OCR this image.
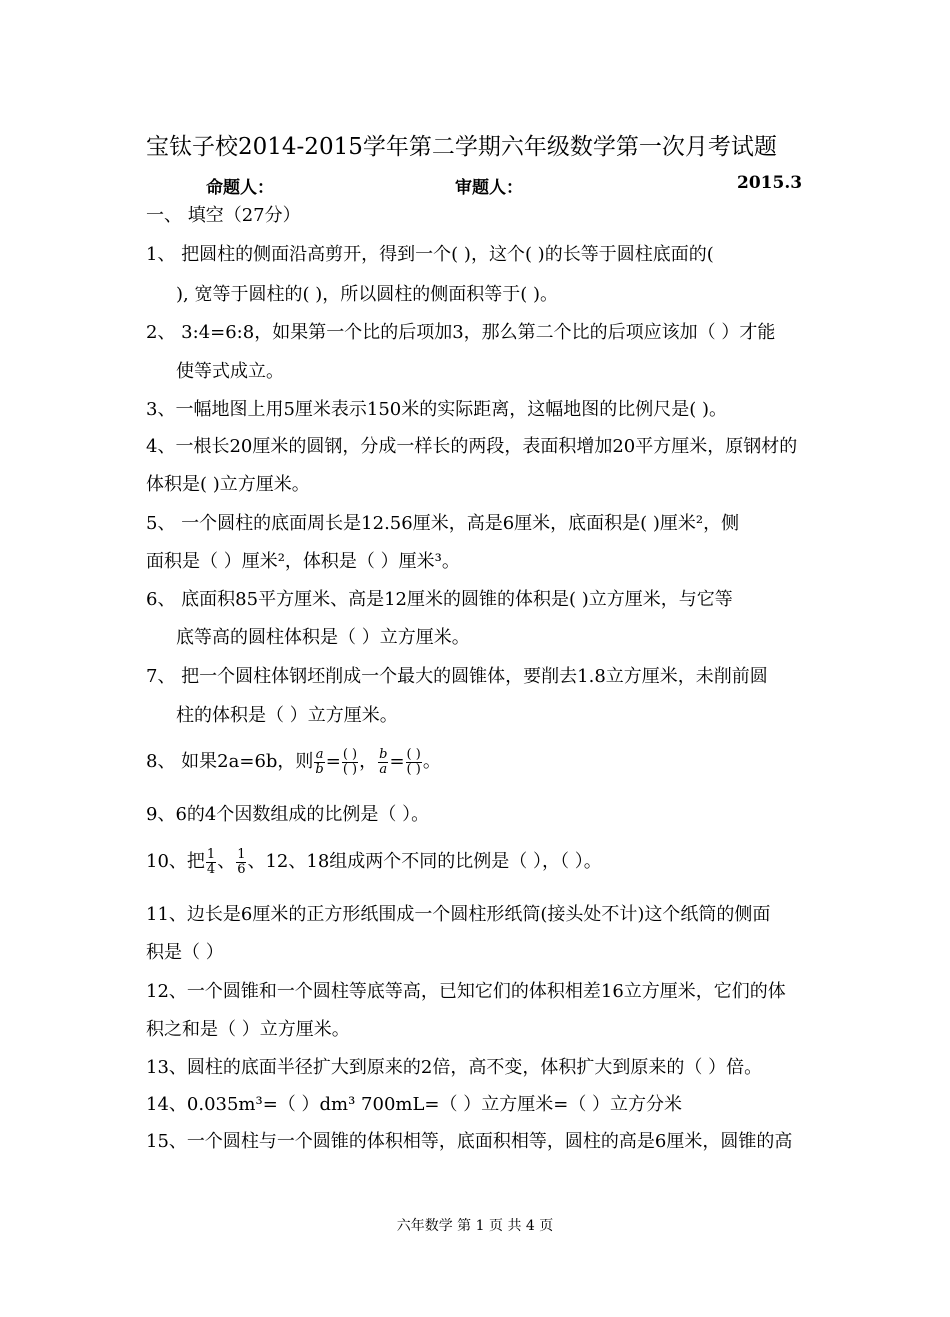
宝钛子校2014-2015学年第二学期六年级数学第一次月考试题
命题人：	审题人：	2015.3
一、 填空（27分）
1、 把圆柱的侧面沿高剪开，得到一个( )，这个( )的长等于圆柱底面的(
), 宽等于圆柱的( )，所以圆柱的侧面积等于( )。
2、 3:4=6:8，如果第一个比的后项加3，那么第二个比的后项应该加（ ）才能
使等式成立。
3、一幅地图上用5厘米表示150米的实际距离，这幅地图的比例尺是( )。
4、一根长20厘米的圆钢，分成一样长的两段，表面积增加20平方厘米，原钢材的
体积是( )立方厘米。
5、 一个圆柱的底面周长是12.56厘米，高是6厘米，底面积是( )厘米²，侧
面积是（ ）厘米²，体积是（ ）厘米³。
6、 底面积85平方厘米、高是12厘米的圆锥的体积是( )立方厘米，与它等
底等高的圆柱体积是（ ）立方厘米。
7、 把一个圆柱体钢坯削成一个最大的圆锥体，要削去1.8立方厘米，未削前圆
柱的体积是（ ）立方厘米。
8、 如果2a=6b，则 $\frac{a}{b} = \frac{( )}{( )}$ ， $\frac{b}{a} = \frac{( )}{( )}$ 。
9、6的4个因数组成的比例是（ ）。
10、把 $\frac{1}{4}$ 、 $\frac{1}{6}$ 、12、18组成两个不同的比例是（ ），（ ）。
11、边长是6厘米的正方形纸围成一个圆柱形纸筒(接头处不计)这个纸筒的侧面
积是（ ）
12、一个圆锥和一个圆柱等底等高，已知它们的体积相差16立方厘米，它们的体
积之和是（ ）立方厘米。
13、圆柱的底面半径扩大到原来的2倍，高不变，体积扩大到原来的（ ）倍。
14、0.035m³=（ ）dm³ 700mL=（ ）立方厘米=（ ）立方分米
15、一个圆柱与一个圆锥的体积相等，底面积相等，圆柱的高是6厘米，圆锥的高
六年数学 第 1 页 共 4 页
